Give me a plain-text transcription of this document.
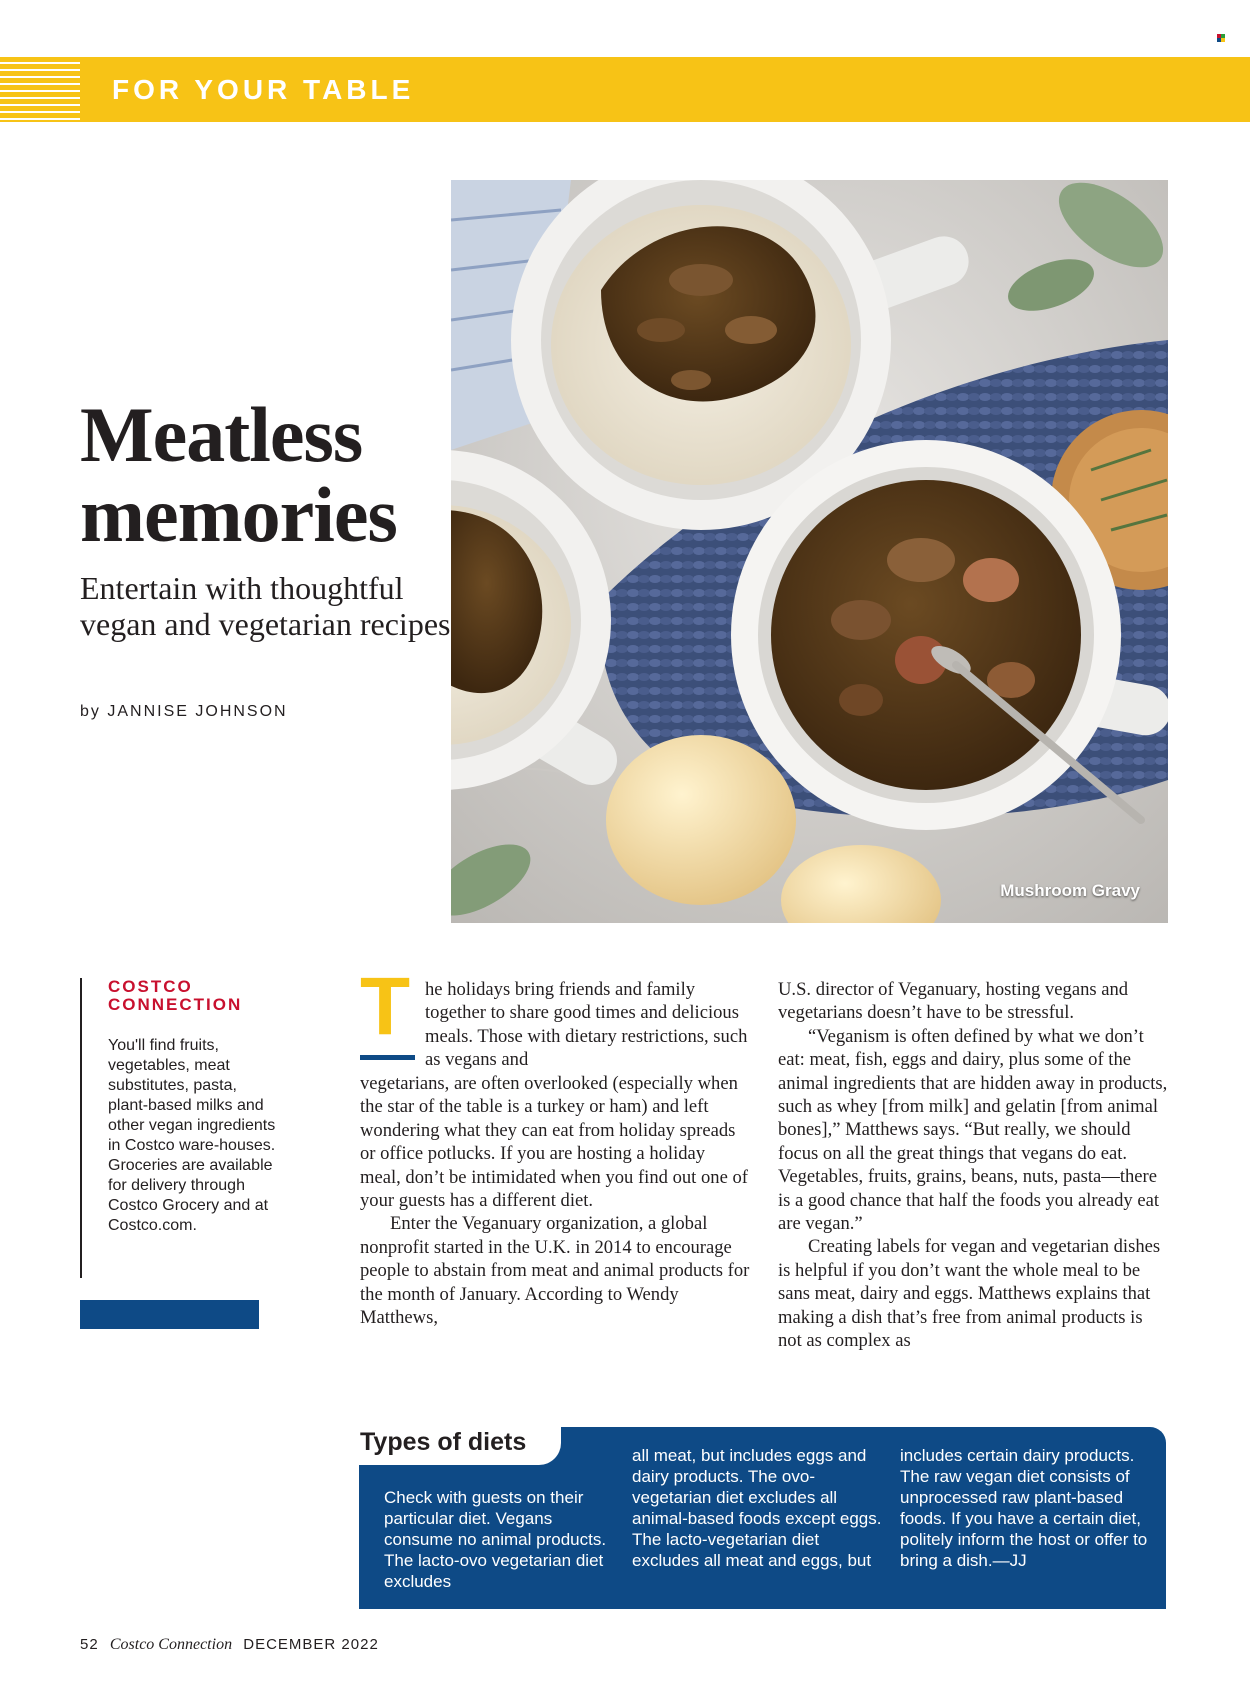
FOR YOUR TABLE
Meatless
memories
Entertain with thoughtful vegan and vegetarian recipes
by JANNISE JOHNSON
Mushroom Gravy
COSTCO
CONNECTION
You'll find fruits, vegetables, meat substitutes, pasta, plant-based milks and other vegan ingredients in Costco ware-houses. Groceries are available for delivery through Costco Grocery and at Costco.com.
T he holidays bring friends and family together to share good times and delicious meals. Those with dietary restrictions, such as vegans and

vegetarians, are often overlooked (especially when the star of the table is a turkey or ham) and left wondering what they can eat from holiday spreads or office potlucks. If you are hosting a holiday meal, don’t be intimidated when you find out one of your guests has a different diet.

Enter the Veganuary organization, a global nonprofit started in the U.K. in 2014 to encourage people to abstain from meat and animal products for the month of January. According to Wendy Matthews,

U.S. director of Veganuary, hosting vegans and vegetarians doesn’t have to be stressful.

“Veganism is often defined by what we don’t eat: meat, fish, eggs and dairy, plus some of the animal ingredients that are hidden away in products, such as whey [from milk] and gelatin [from animal bones],” Matthews says. “But really, we should focus on all the great things that vegans do eat. Vegetables, fruits, grains, beans, nuts, pasta—there is a good chance that half the foods you already eat are vegan.”

Creating labels for vegan and vegetarian dishes is helpful if you don’t want the whole meal to be sans meat, dairy and eggs. Matthews explains that making a dish that’s free from animal products is not as complex as

Types of diets
Check with guests on their particular diet. Vegans consume no animal products. The lacto-ovo vegetarian diet excludes
all meat, but includes eggs and dairy products. The ovo-vegetarian diet excludes all animal-based foods except eggs. The lacto-vegetarian diet excludes all meat and eggs, but
includes certain dairy products. The raw vegan diet consists of unprocessed raw plant-based foods. If you have a certain diet, politely inform the host or offer to bring a dish.—JJ
52 Costco Connection DECEMBER 2022
